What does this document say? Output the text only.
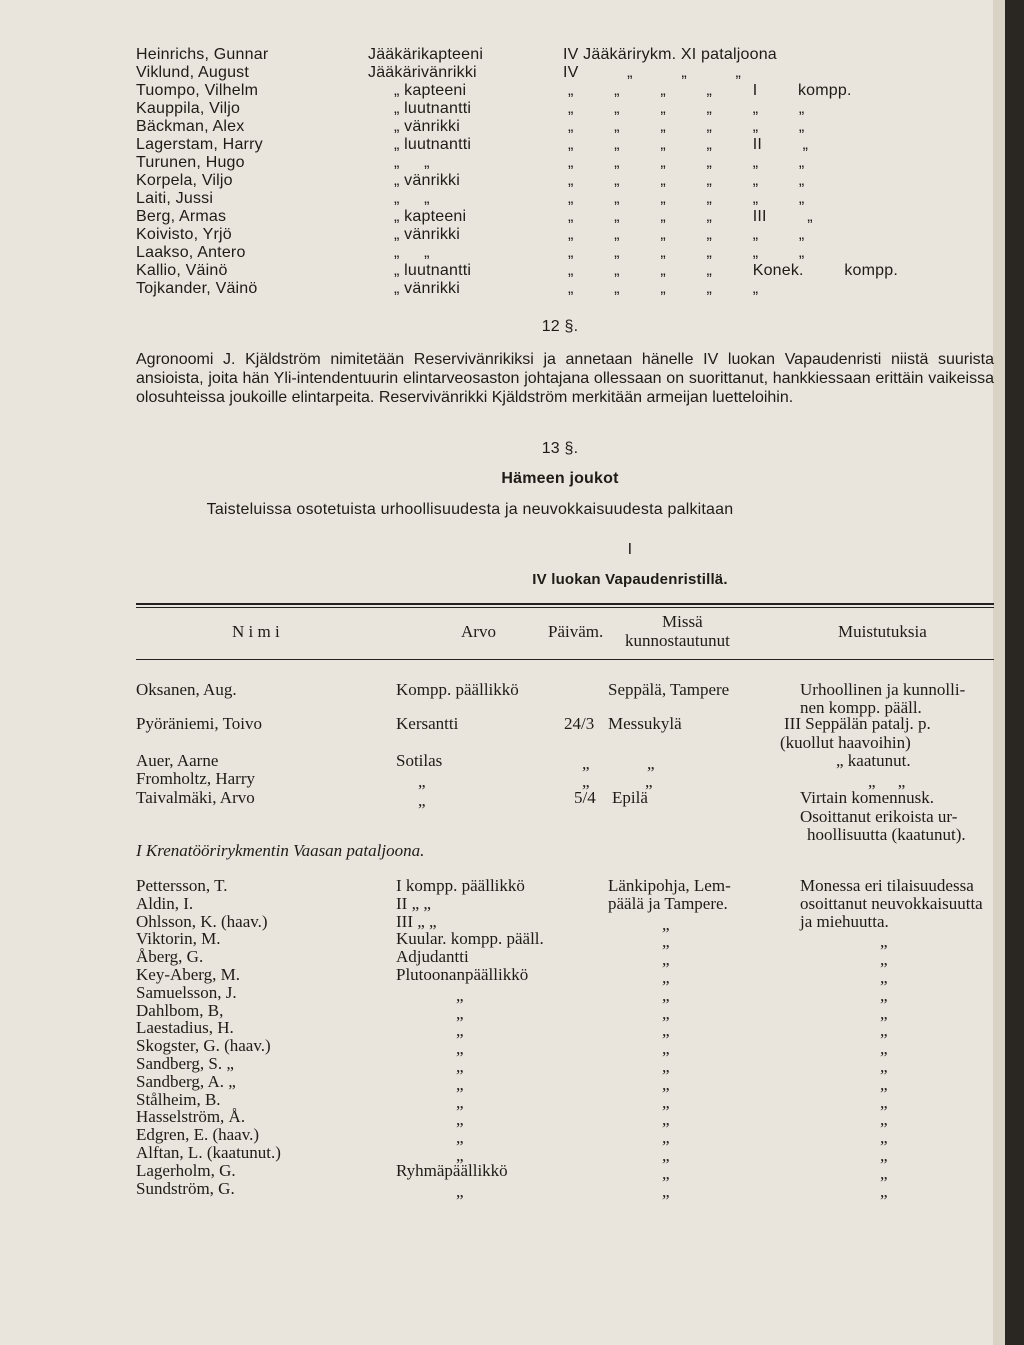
Heinrichs, Gunnar	Jääkärikapteeni	IV Jääkärirykm. XI pataljoona
Viklund, August	Jääkärivänrikki	IV „ „ „
Tuompo, Vilhelm	„ kapteeni	„ „ „ „ I kompp.
Kauppila, Viljo	„ luutnantti	„ „ „ „ „ „
Bäckman, Alex	„ vänrikki	„ „ „ „ „ „
Lagerstam, Harry	„ luutnantti	„ „ „ „ II „
Turunen, Hugo	„ „	„ „ „ „ „ „
Korpela, Viljo	„ vänrikki	„ „ „ „ „ „
Laiti, Jussi	„ „	„ „ „ „ „ „
Berg, Armas	„ kapteeni	„ „ „ „ III „
Koivisto, Yrjö	„ vänrikki	„ „ „ „ „ „
Laakso, Antero	„ „	„ „ „ „ „ „
Kallio, Väinö	„ luutnantti	„ „ „ „ Konek. kompp.
Tojkander, Väinö	„ vänrikki	„ „ „ „ „
12 §.
Agronoomi J. Kjäldström nimitetään Reservivänrikiksi ja annetaan hänelle IV luokan Vapaudenristi niistä suurista ansioista, joita hän Yli-intendentuurin elintarveosaston johtajana ollessaan on suorittanut, hankkiessaan erittäin vaikeissa olosuhteissa joukoille elintarpeita. Reservivänrikki Kjäldström merkitään armeijan luetteloihin.
13 §.
Hämeen joukot
Taisteluissa osotetuista urhoollisuudesta ja neuvokkaisuudesta palkitaan
I
IV luokan Vapaudenristillä.
N i m i	Arvo	Päiväm.
Missä
kunnostautunut	Muistutuksia
Oksanen, Aug.	Kompp. päällikkö	Seppälä, Tampere	Urhoollinen ja kunnolli-
nen kompp. pääll.
Pyöräniemi, Toivo	Kersantti	24/3 Messukylä	III Seppälän patalj. p.
(kuollut haavoihin)
Auer, Aarne	Sotilas	„	„	„ kaatunut.
Fromholtz, Harry	„	„	„	„ „
Taivalmäki, Arvo	„	5/4 Epilä	Virtain komennusk.
Osoittanut erikoista ur-
hoollisuutta (kaatunut).
I Krenatöörirykmentin Vaasan pataljoona.
Pettersson, T.	I kompp. päällikkö	Länkipohja, Lem-	Monessa eri tilaisuudessa
Aldin, I.	II „ „	päälä ja Tampere.	osoittanut neuvokkaisuutta
Ohlsson, K. (haav.)	III „ „	„	ja miehuutta.
Viktorin, M.	Kuular. kompp. pääll.	„	„
Åberg, G.	Adjudantti	„	„
Key-Aberg, M.	Plutoonanpäällikkö	„	„
Samuelsson, J.	„	„	„
Dahlbom, B,	„	„	„
Laestadius, H.	„	„	„
Skogster, G. (haav.)	„	„	„
Sandberg, S. „	„	„	„
Sandberg, A. „	„	„	„
Stålheim, B.	„	„	„
Hasselström, Å.	„	„	„
Edgren, E. (haav.)	„	„	„
Alftan, L. (kaatunut.)	„	„	„
Lagerholm, G.	Ryhmäpäällikkö	„	„
Sundström, G.	„	„	„
